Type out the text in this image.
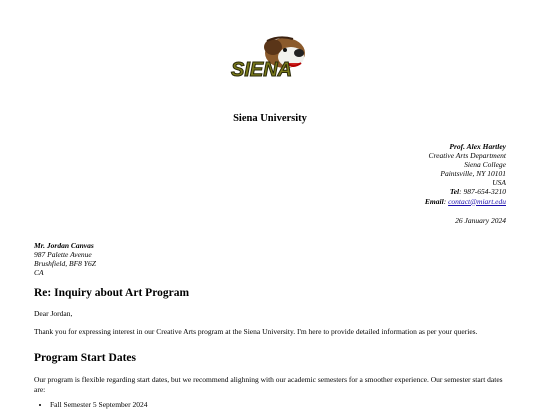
SIENA
Siena University
Prof. Alex Hartley
Creative Arts Department
Siena College
Paintsville, NY 10101
USA
Tel: 987-654-3210
Email: contact@miart.edu
26 January 2024
Mr. Jordan Canvas
987 Palette Avenue
Brushfield, BF8 Y6Z
CA
Re: Inquiry about Art Program

Dear Jordan,

Thank you for expressing interest in our Creative Arts program at the Siena University. I'm here to provide detailed information as per your queries.

Program Start Dates

Our program is flexible regarding start dates, but we recommend alighning with our academic semesters for a smoother experience. Our semester start dates are:

• Fall Semester 5 September 2024
